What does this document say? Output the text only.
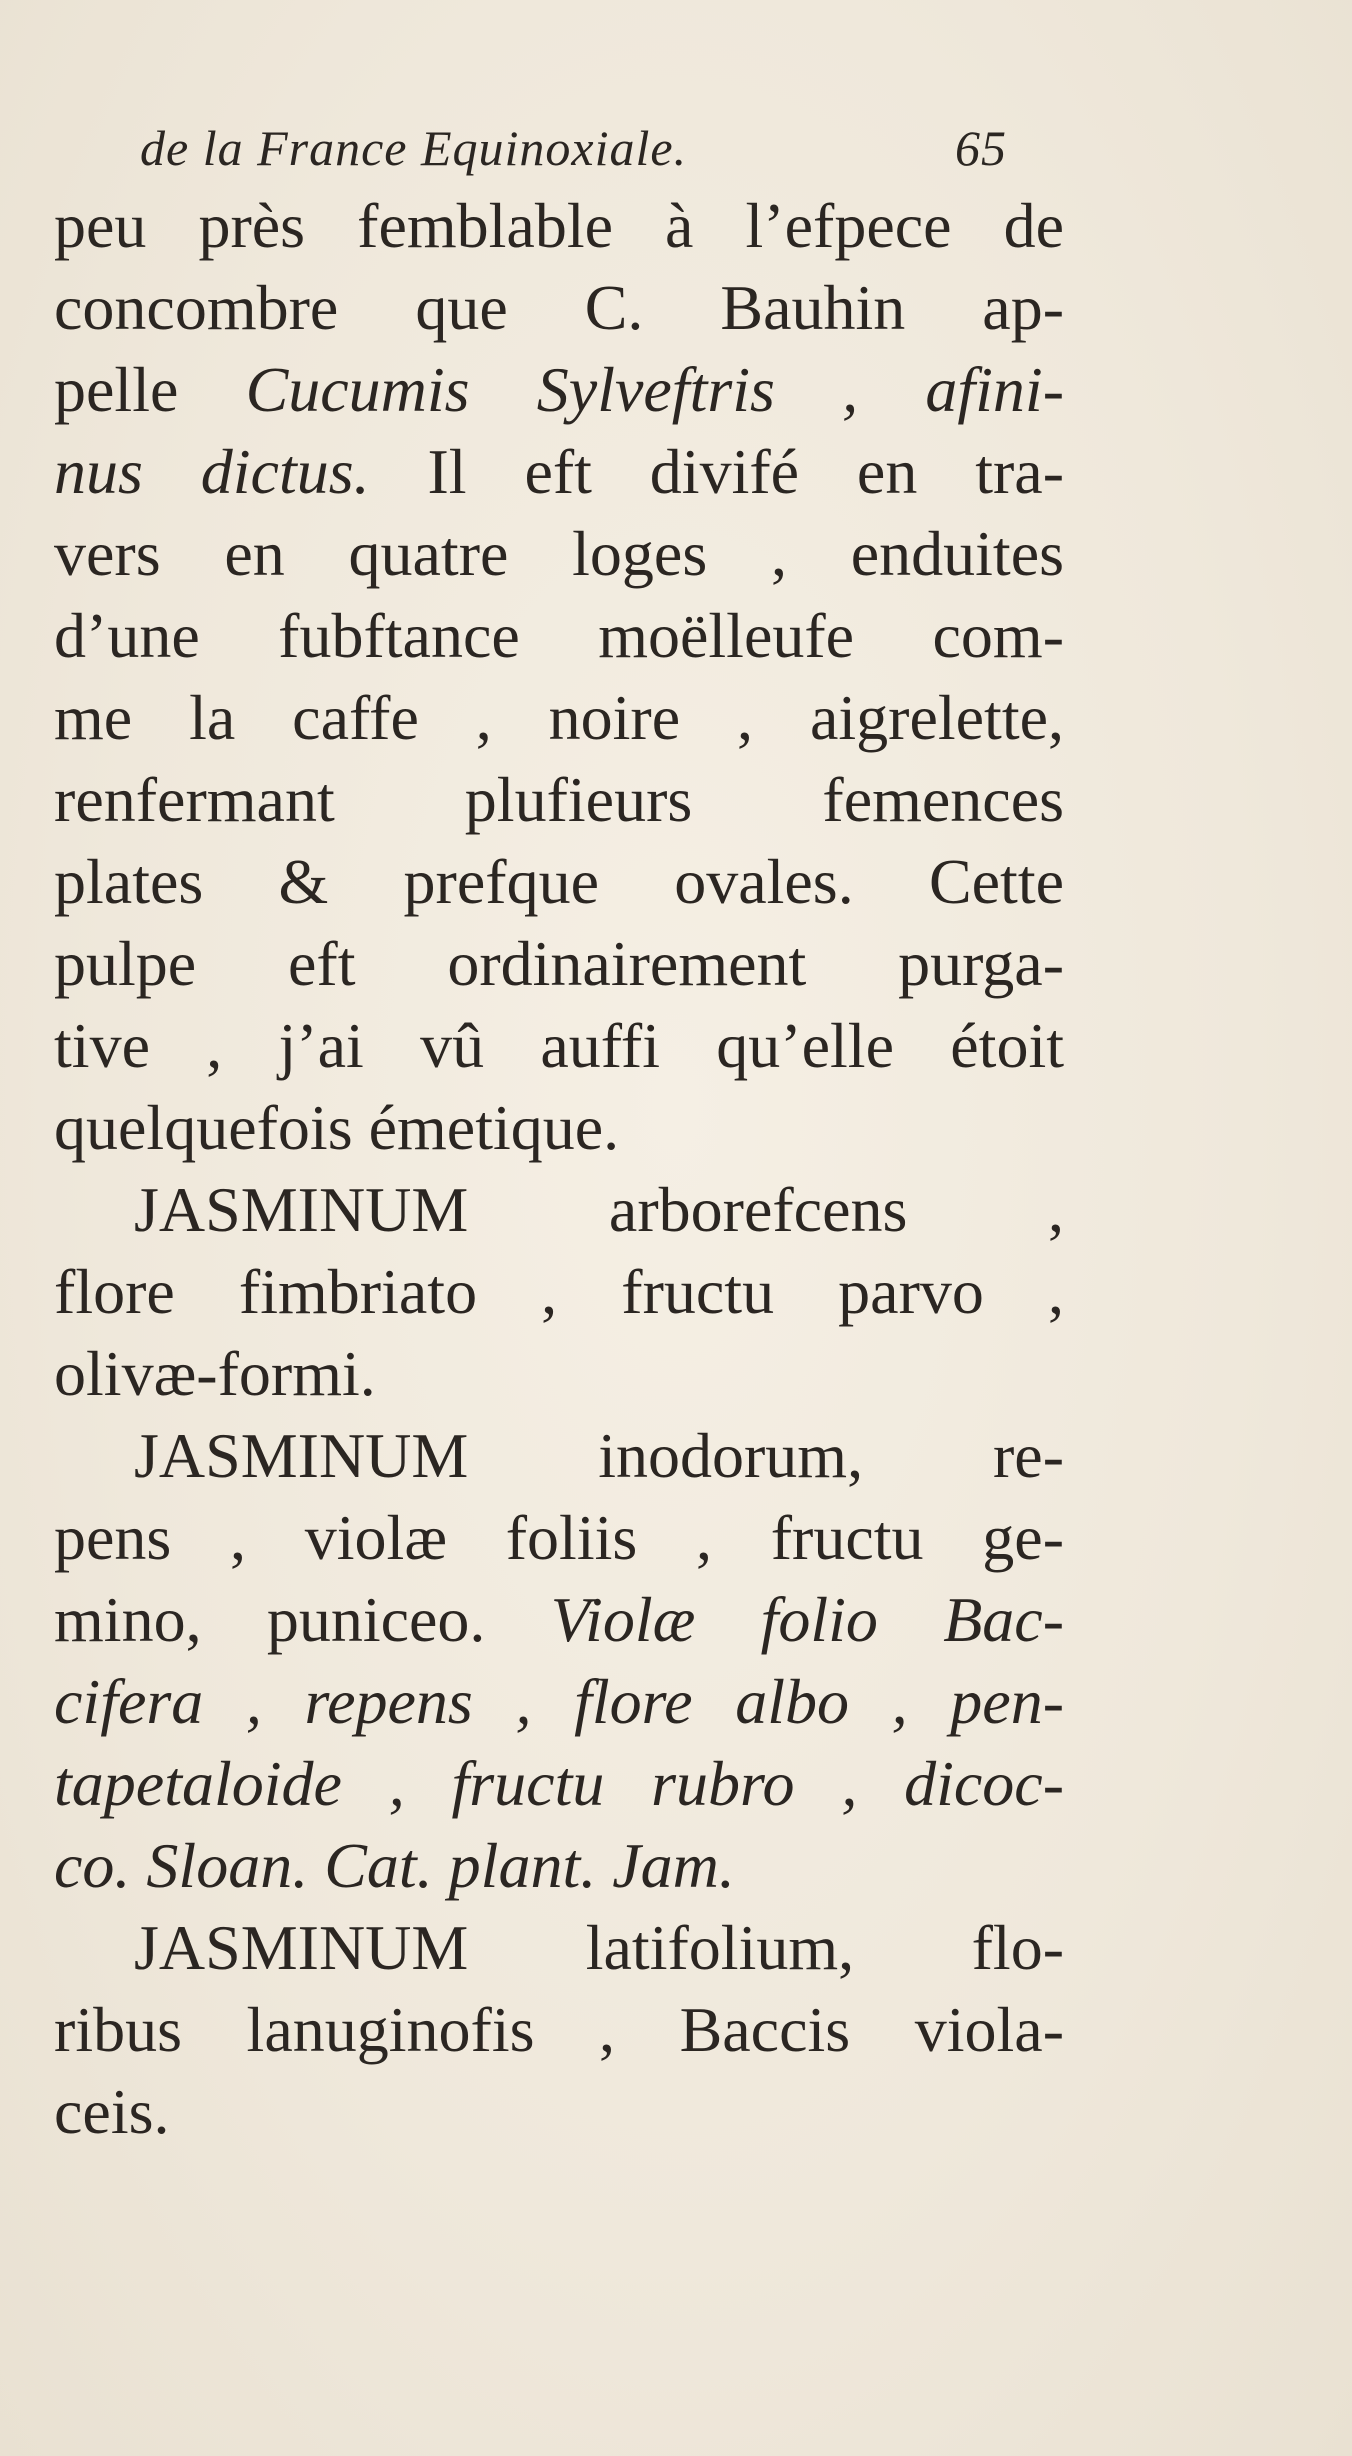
de la France Equinoxiale.	65
peu près femblable à l’efpece de
concombre que C. Bauhin ap-
pelle Cucumis Sylveftris , afini-
nus dictus. Il eft divifé en tra-
vers en quatre loges , enduites
d’une fubftance moëlleufe com-
me la caffe , noire , aigrelette,
renfermant plufieurs femences
plates & prefque ovales. Cette
pulpe eft ordinairement purga-
tive , j’ai vû auffi qu’elle étoit
quelquefois émetique.
JASMINUM arborefcens ,
flore fimbriato , fructu parvo ,
olivæ-formi.
JASMINUM inodorum, re-
pens , violæ foliis , fructu ge-
mino, puniceo. Violæ folio Bac-
cifera , repens , flore albo , pen-
tapetaloide , fructu rubro , dicoc-
co. Sloan. Cat. plant. Jam.
JASMINUM latifolium, flo-
ribus lanuginofis , Baccis viola-
ceis.
